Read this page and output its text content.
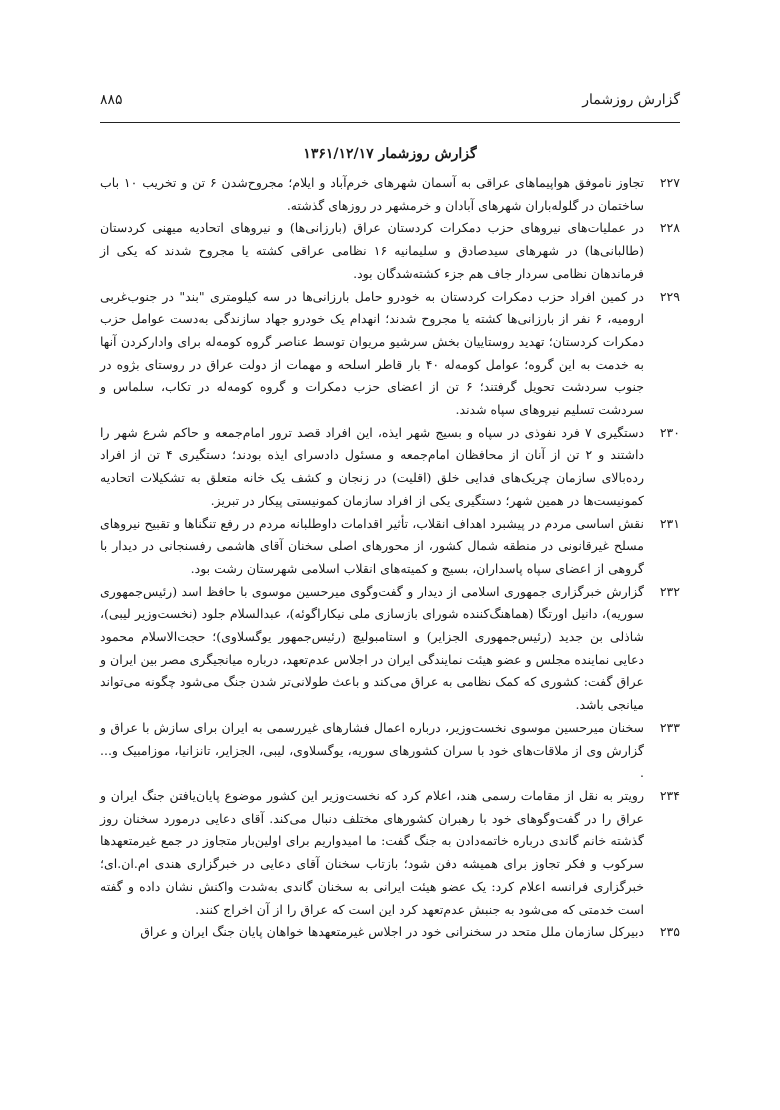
گزارش روزشمار
۸۸۵
گزارش روزشمار ۱۳۶۱/۱۲/۱۷
۲۲۷
تجاوز ناموفق هواپیماهای عراقی به آسمان شهرهای خرم‌آباد و ایلام؛ مجروح‌شدن ۶ تن و تخریب ۱۰ باب ساختمان در گلوله‌باران شهرهای آبادان و خرمشهر در روزهای گذشته.
۲۲۸
در عملیات‌های نیروهای حزب دمکرات کردستان عراق (بارزانی‌ها) و نیروهای اتحادیه میهنی کردستان (طالبانی‌ها) در شهرهای سیدصادق و سلیمانیه ۱۶ نظامی عراقی کشته یا مجروح شدند که یکی از فرماندهان نظامی سردار جاف هم جزء کشته‌شدگان بود.
۲۲۹
در کمین افراد حزب دمکرات کردستان به خودرو حامل بارزانی‌ها در سه کیلومتری "بند" در جنوب‌غربی ارومیه، ۶ نفر از بارزانی‌ها کشته یا مجروح شدند؛ انهدام یک خودرو جهاد سازندگی به‌دست عوامل حزب دمکرات کردستان؛ تهدید روستاییان بخش سرشیو مریوان توسط عناصر گروه کومه‌له برای وادارکردن آنها به خدمت به این گروه؛ عوامل کومه‌له ۴۰ بار قاطر اسلحه و مهمات از دولت عراق در روستای بژوه در جنوب سردشت تحویل گرفتند؛ ۶ تن از اعضای حزب دمکرات و گروه کومه‌له در تکاب، سلماس و سردشت تسلیم نیروهای سپاه شدند.
۲۳۰
دستگیری ۷ فرد نفوذی در سپاه و بسیج شهر ایذه، این افراد قصد ترور امام‌جمعه و حاکم شرع شهر را داشتند و ۲ تن از آنان از محافظان امام‌جمعه و مسئول دادسرای ایذه بودند؛ دستگیری ۴ تن از افراد رده‌بالای سازمان چریک‌های فدایی خلق (اقلیت) در زنجان و کشف یک خانه متعلق به تشکیلات اتحادیه کمونیست‌ها در همین شهر؛ دستگیری یکی از افراد سازمان کمونیستی پیکار در تبریز.
۲۳۱
نقش اساسی مردم در پیشبرد اهداف انقلاب، تأثیر اقدامات داوطلبانه مردم در رفع تنگناها و تقبیح نیروهای مسلح غیرقانونی در منطقه شمال کشور، از محورهای اصلی سخنان آقای هاشمی رفسنجانی در دیدار با گروهی از اعضای سپاه پاسداران، بسیج و کمیته‌های انقلاب اسلامی شهرستان رشت بود.
۲۳۲
گزارش خبرگزاری جمهوری اسلامی از دیدار و گفت‌وگوی میرحسین موسوی با حافظ اسد (رئیس‌جمهوری سوریه)، دانیل اورتگا (هماهنگ‌کننده شورای بازسازی ملی نیکاراگوئه)، عبدالسلام جلود (نخست‌وزیر لیبی)، شاذلی بن جدید (رئیس‌جمهوری الجزایر) و استامبولیچ (رئیس‌جمهور یوگسلاوی)؛ حجت‌الاسلام محمود دعایی نماینده مجلس و عضو هیئت نمایندگی ایران در اجلاس عدم‌تعهد، درباره میانجیگری مصر بین ایران و عراق گفت: کشوری که کمک نظامی به عراق می‌کند و باعث طولانی‌تر شدن جنگ می‌شود چگونه می‌تواند میانجی باشد.
۲۳۳
سخنان میرحسین موسوی نخست‌وزیر، درباره اعمال فشارهای غیررسمی به ایران برای سازش با عراق و گزارش وی از ملاقات‌های خود با سران کشورهای سوریه، یوگسلاوی، لیبی، الجزایر، تانزانیا، موزامبیک و... .
۲۳۴
رویتر به نقل از مقامات رسمی هند، اعلام کرد که نخست‌وزیر این کشور موضوع پایان‌یافتن جنگ ایران و عراق را در گفت‌وگوهای خود با رهبران کشورهای مختلف دنبال می‌کند. آقای دعایی درمورد سخنان روز گذشته خانم گاندی درباره خاتمه‌دادن به جنگ گفت: ما امیدواریم برای اولین‌بار متجاوز در جمع غیرمتعهدها سرکوب و فکر تجاوز برای همیشه دفن شود؛ بازتاب سخنان آقای دعایی در خبرگزاری هندی ام.ان.ای؛ خبرگزاری فرانسه اعلام کرد: یک عضو هیئت ایرانی به سخنان گاندی به‌شدت واکنش نشان داده و گفته است خدمتی که می‌شود به جنبش عدم‌تعهد کرد این است که عراق را از آن اخراج کنند.
۲۳۵
دبیرکل سازمان ملل متحد در سخنرانی خود در اجلاس غیرمتعهدها خواهان پایان جنگ ایران و عراق
